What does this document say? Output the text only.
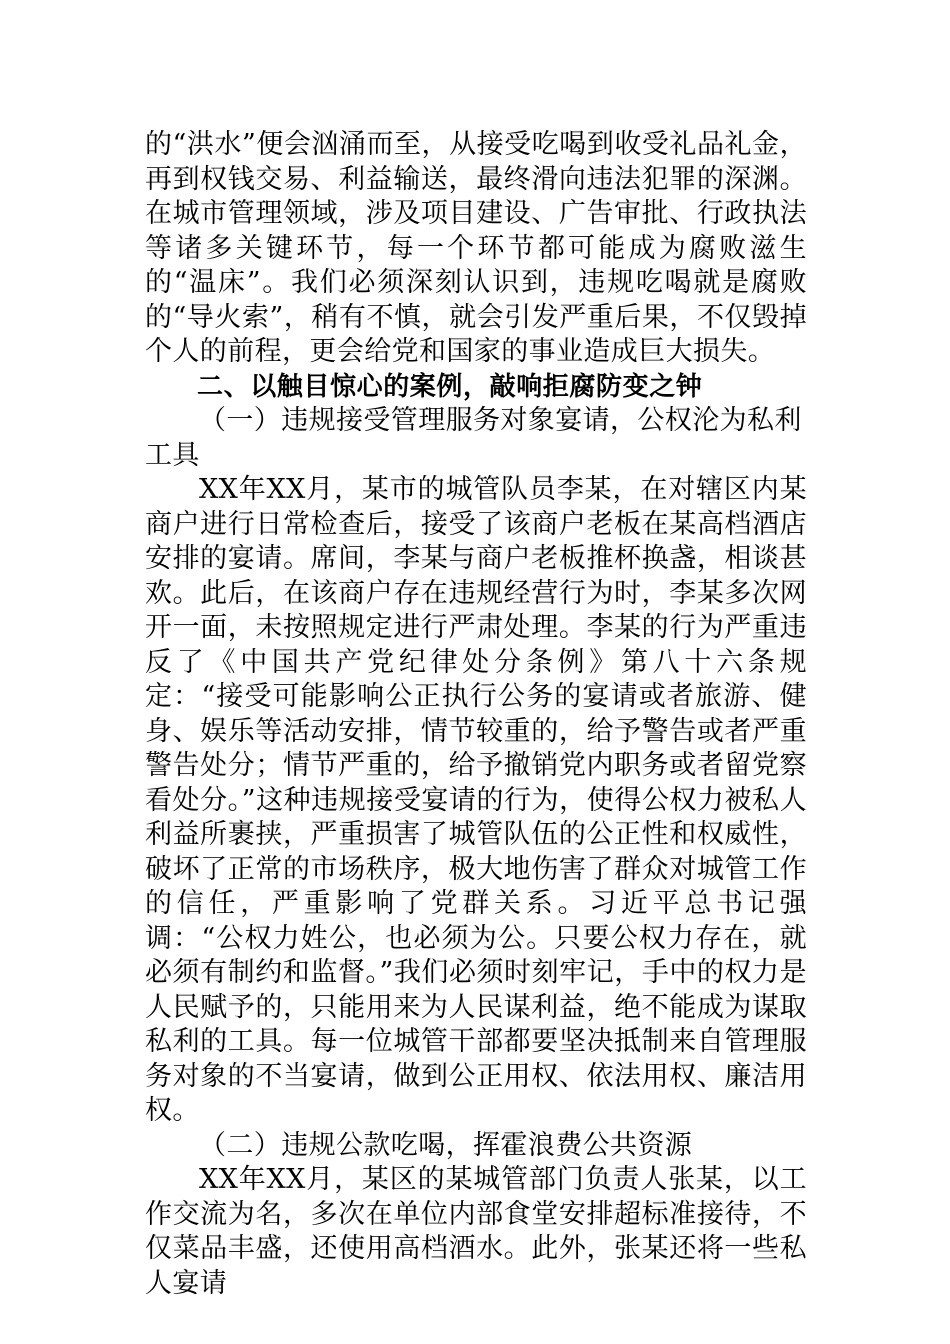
的“洪水”便会汹涌而至，从接受吃喝到收受礼品礼金，再到权钱交易、利益输送，最终滑向违法犯罪的深渊。在城市管理领域，涉及项目建设、广告审批、行政执法等诸多关键环节，每一个环节都可能成为腐败滋生的“温床”。我们必须深刻认识到，违规吃喝就是腐败的“导火索”，稍有不慎，就会引发严重后果，不仅毁掉个人的前程，更会给党和国家的事业造成巨大损失。

二、以触目惊心的案例，敲响拒腐防变之钟

（一）违规接受管理服务对象宴请，公权沦为私利工具

XX年XX月，某市的城管队员李某，在对辖区内某商户进行日常检查后，接受了该商户老板在某高档酒店安排的宴请。席间，李某与商户老板推杯换盏，相谈甚欢。此后，在该商户存在违规经营行为时，李某多次网开一面，未按照规定进行严肃处理。李某的行为严重违反了《中国共产党纪律处分条例》第八十六条规定：“接受可能影响公正执行公务的宴请或者旅游、健身、娱乐等活动安排，情节较重的，给予警告或者严重警告处分；情节严重的，给予撤销党内职务或者留党察看处分。”这种违规接受宴请的行为，使得公权力被私人利益所裹挟，严重损害了城管队伍的公正性和权威性，破坏了正常的市场秩序，极大地伤害了群众对城管工作的信任，严重影响了党群关系。习近平总书记强调：“公权力姓公，也必须为公。只要公权力存在，就必须有制约和监督。”我们必须时刻牢记，手中的权力是人民赋予的，只能用来为人民谋利益，绝不能成为谋取私利的工具。每一位城管干部都要坚决抵制来自管理服务对象的不当宴请，做到公正用权、依法用权、廉洁用权。

（二）违规公款吃喝，挥霍浪费公共资源

XX年XX月，某区的某城管部门负责人张某，以工作交流为名，多次在单位内部食堂安排超标准接待，不仅菜品丰盛，还使用高档酒水。此外，张某还将一些私人宴请
